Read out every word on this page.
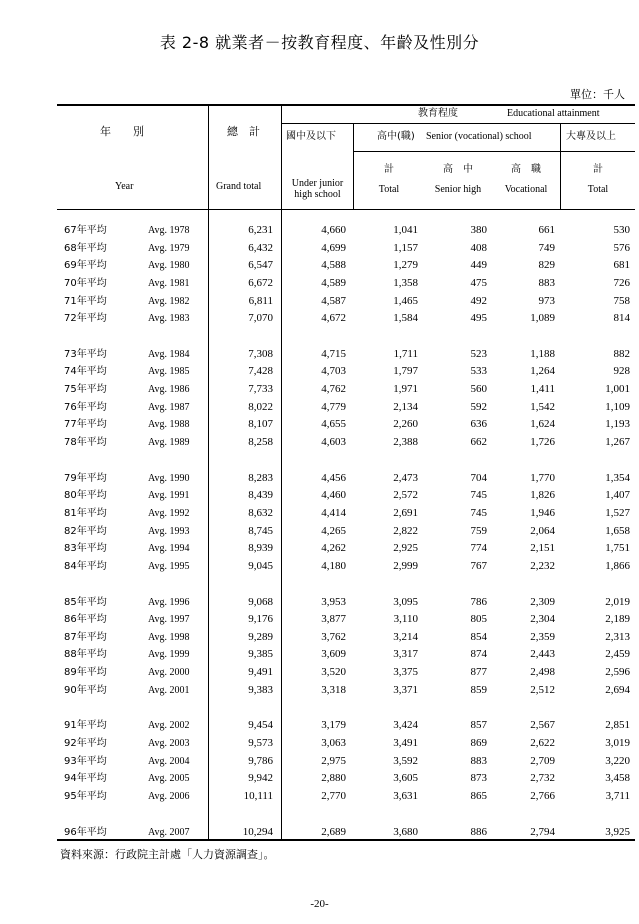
表 2-8 就業者－按教育程度、年齡及性別分
單位：千人
年　　別
Year
總　計
Grand total
教育程度	Educational attainment
國中及以下
Under junior
high school
高中(職) Senior (vocational) school	大專及以上
計
Total
高　中
Senior high
高　職
Vocational
計
Total
67年平均	Avg. 1978	6,231	4,660	1,041	380	661	530
68年平均	Avg. 1979	6,432	4,699	1,157	408	749	576
69年平均	Avg. 1980	6,547	4,588	1,279	449	829	681
70年平均	Avg. 1981	6,672	4,589	1,358	475	883	726
71年平均	Avg. 1982	6,811	4,587	1,465	492	973	758
72年平均	Avg. 1983	7,070	4,672	1,584	495	1,089	814
73年平均	Avg. 1984	7,308	4,715	1,711	523	1,188	882
74年平均	Avg. 1985	7,428	4,703	1,797	533	1,264	928
75年平均	Avg. 1986	7,733	4,762	1,971	560	1,411	1,001
76年平均	Avg. 1987	8,022	4,779	2,134	592	1,542	1,109
77年平均	Avg. 1988	8,107	4,655	2,260	636	1,624	1,193
78年平均	Avg. 1989	8,258	4,603	2,388	662	1,726	1,267
79年平均	Avg. 1990	8,283	4,456	2,473	704	1,770	1,354
80年平均	Avg. 1991	8,439	4,460	2,572	745	1,826	1,407
81年平均	Avg. 1992	8,632	4,414	2,691	745	1,946	1,527
82年平均	Avg. 1993	8,745	4,265	2,822	759	2,064	1,658
83年平均	Avg. 1994	8,939	4,262	2,925	774	2,151	1,751
84年平均	Avg. 1995	9,045	4,180	2,999	767	2,232	1,866
85年平均	Avg. 1996	9,068	3,953	3,095	786	2,309	2,019
86年平均	Avg. 1997	9,176	3,877	3,110	805	2,304	2,189
87年平均	Avg. 1998	9,289	3,762	3,214	854	2,359	2,313
88年平均	Avg. 1999	9,385	3,609	3,317	874	2,443	2,459
89年平均	Avg. 2000	9,491	3,520	3,375	877	2,498	2,596
90年平均	Avg. 2001	9,383	3,318	3,371	859	2,512	2,694
91年平均	Avg. 2002	9,454	3,179	3,424	857	2,567	2,851
92年平均	Avg. 2003	9,573	3,063	3,491	869	2,622	3,019
93年平均	Avg. 2004	9,786	2,975	3,592	883	2,709	3,220
94年平均	Avg. 2005	9,942	2,880	3,605	873	2,732	3,458
95年平均	Avg. 2006	10,111	2,770	3,631	865	2,766	3,711
96年平均	Avg. 2007	10,294	2,689	3,680	886	2,794	3,925
資料來源：行政院主計處「人力資源調查」。
-20-
